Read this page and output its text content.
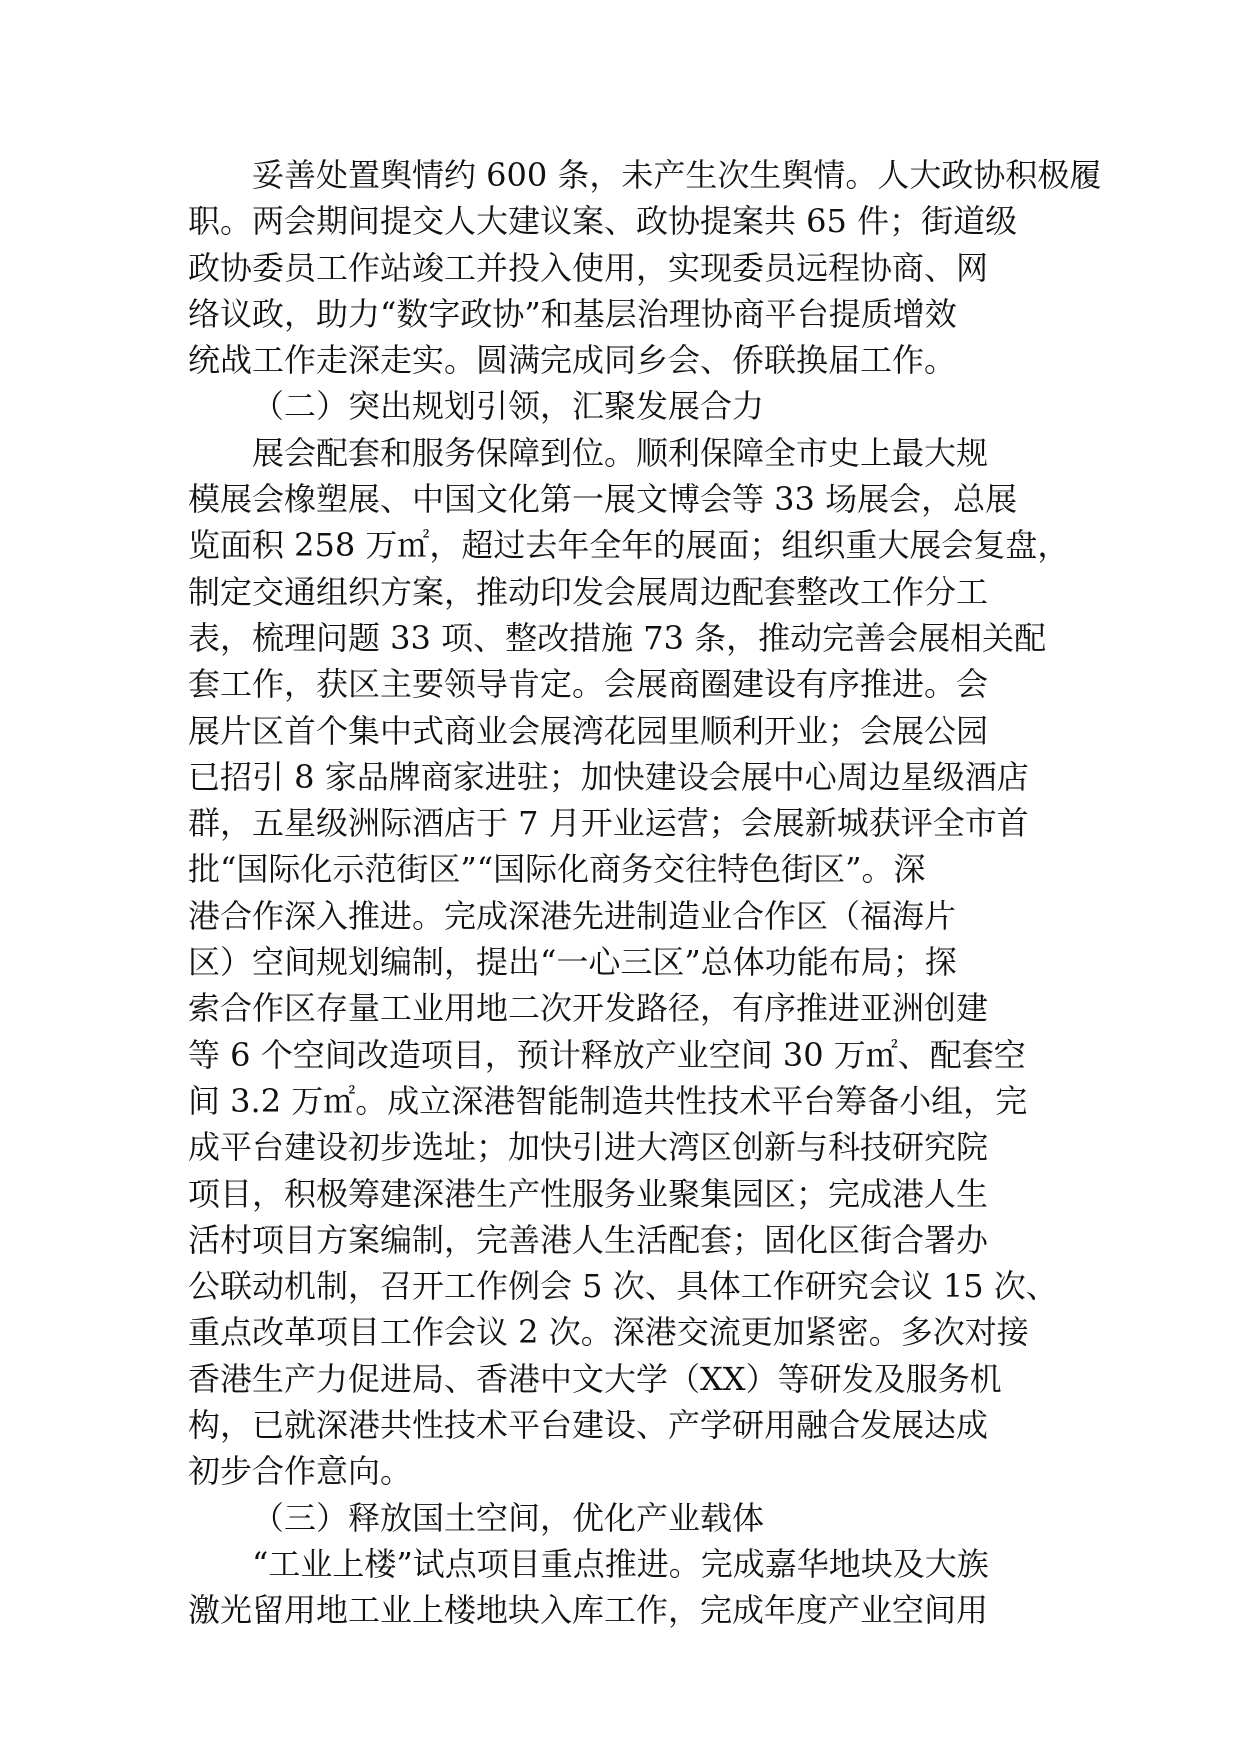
妥善处置舆情约 600 条，未产生次生舆情。人大政协积极履
职。两会期间提交人大建议案、政协提案共 65 件；街道级
政协委员工作站竣工并投入使用，实现委员远程协商、网
络议政，助力“数字政协”和基层治理协商平台提质增效
统战工作走深走实。圆满完成同乡会、侨联换届工作。
（二）突出规划引领，汇聚发展合力
展会配套和服务保障到位。顺利保障全市史上最大规
模展会橡塑展、中国文化第一展文博会等 33 场展会，总展
览面积 258 万㎡，超过去年全年的展面；组织重大展会复盘，
制定交通组织方案，推动印发会展周边配套整改工作分工
表，梳理问题 33 项、整改措施 73 条，推动完善会展相关配
套工作，获区主要领导肯定。会展商圈建设有序推进。会
展片区首个集中式商业会展湾花园里顺利开业；会展公园
已招引 8 家品牌商家进驻；加快建设会展中心周边星级酒店
群，五星级洲际酒店于 7 月开业运营；会展新城获评全市首
批“国际化示范街区”“国际化商务交往特色街区”。深
港合作深入推进。完成深港先进制造业合作区（福海片
区）空间规划编制，提出“一心三区”总体功能布局；探
索合作区存量工业用地二次开发路径，有序推进亚洲创建
等 6 个空间改造项目，预计释放产业空间 30 万㎡、配套空
间 3.2 万㎡。成立深港智能制造共性技术平台筹备小组，完
成平台建设初步选址；加快引进大湾区创新与科技研究院
项目，积极筹建深港生产性服务业聚集园区；完成港人生
活村项目方案编制，完善港人生活配套；固化区街合署办
公联动机制，召开工作例会 5 次、具体工作研究会议 15 次、
重点改革项目工作会议 2 次。深港交流更加紧密。多次对接
香港生产力促进局、香港中文大学（XX）等研发及服务机
构，已就深港共性技术平台建设、产学研用融合发展达成
初步合作意向。
（三）释放国土空间，优化产业载体
“工业上楼”试点项目重点推进。完成嘉华地块及大族
激光留用地工业上楼地块入库工作，完成年度产业空间用
